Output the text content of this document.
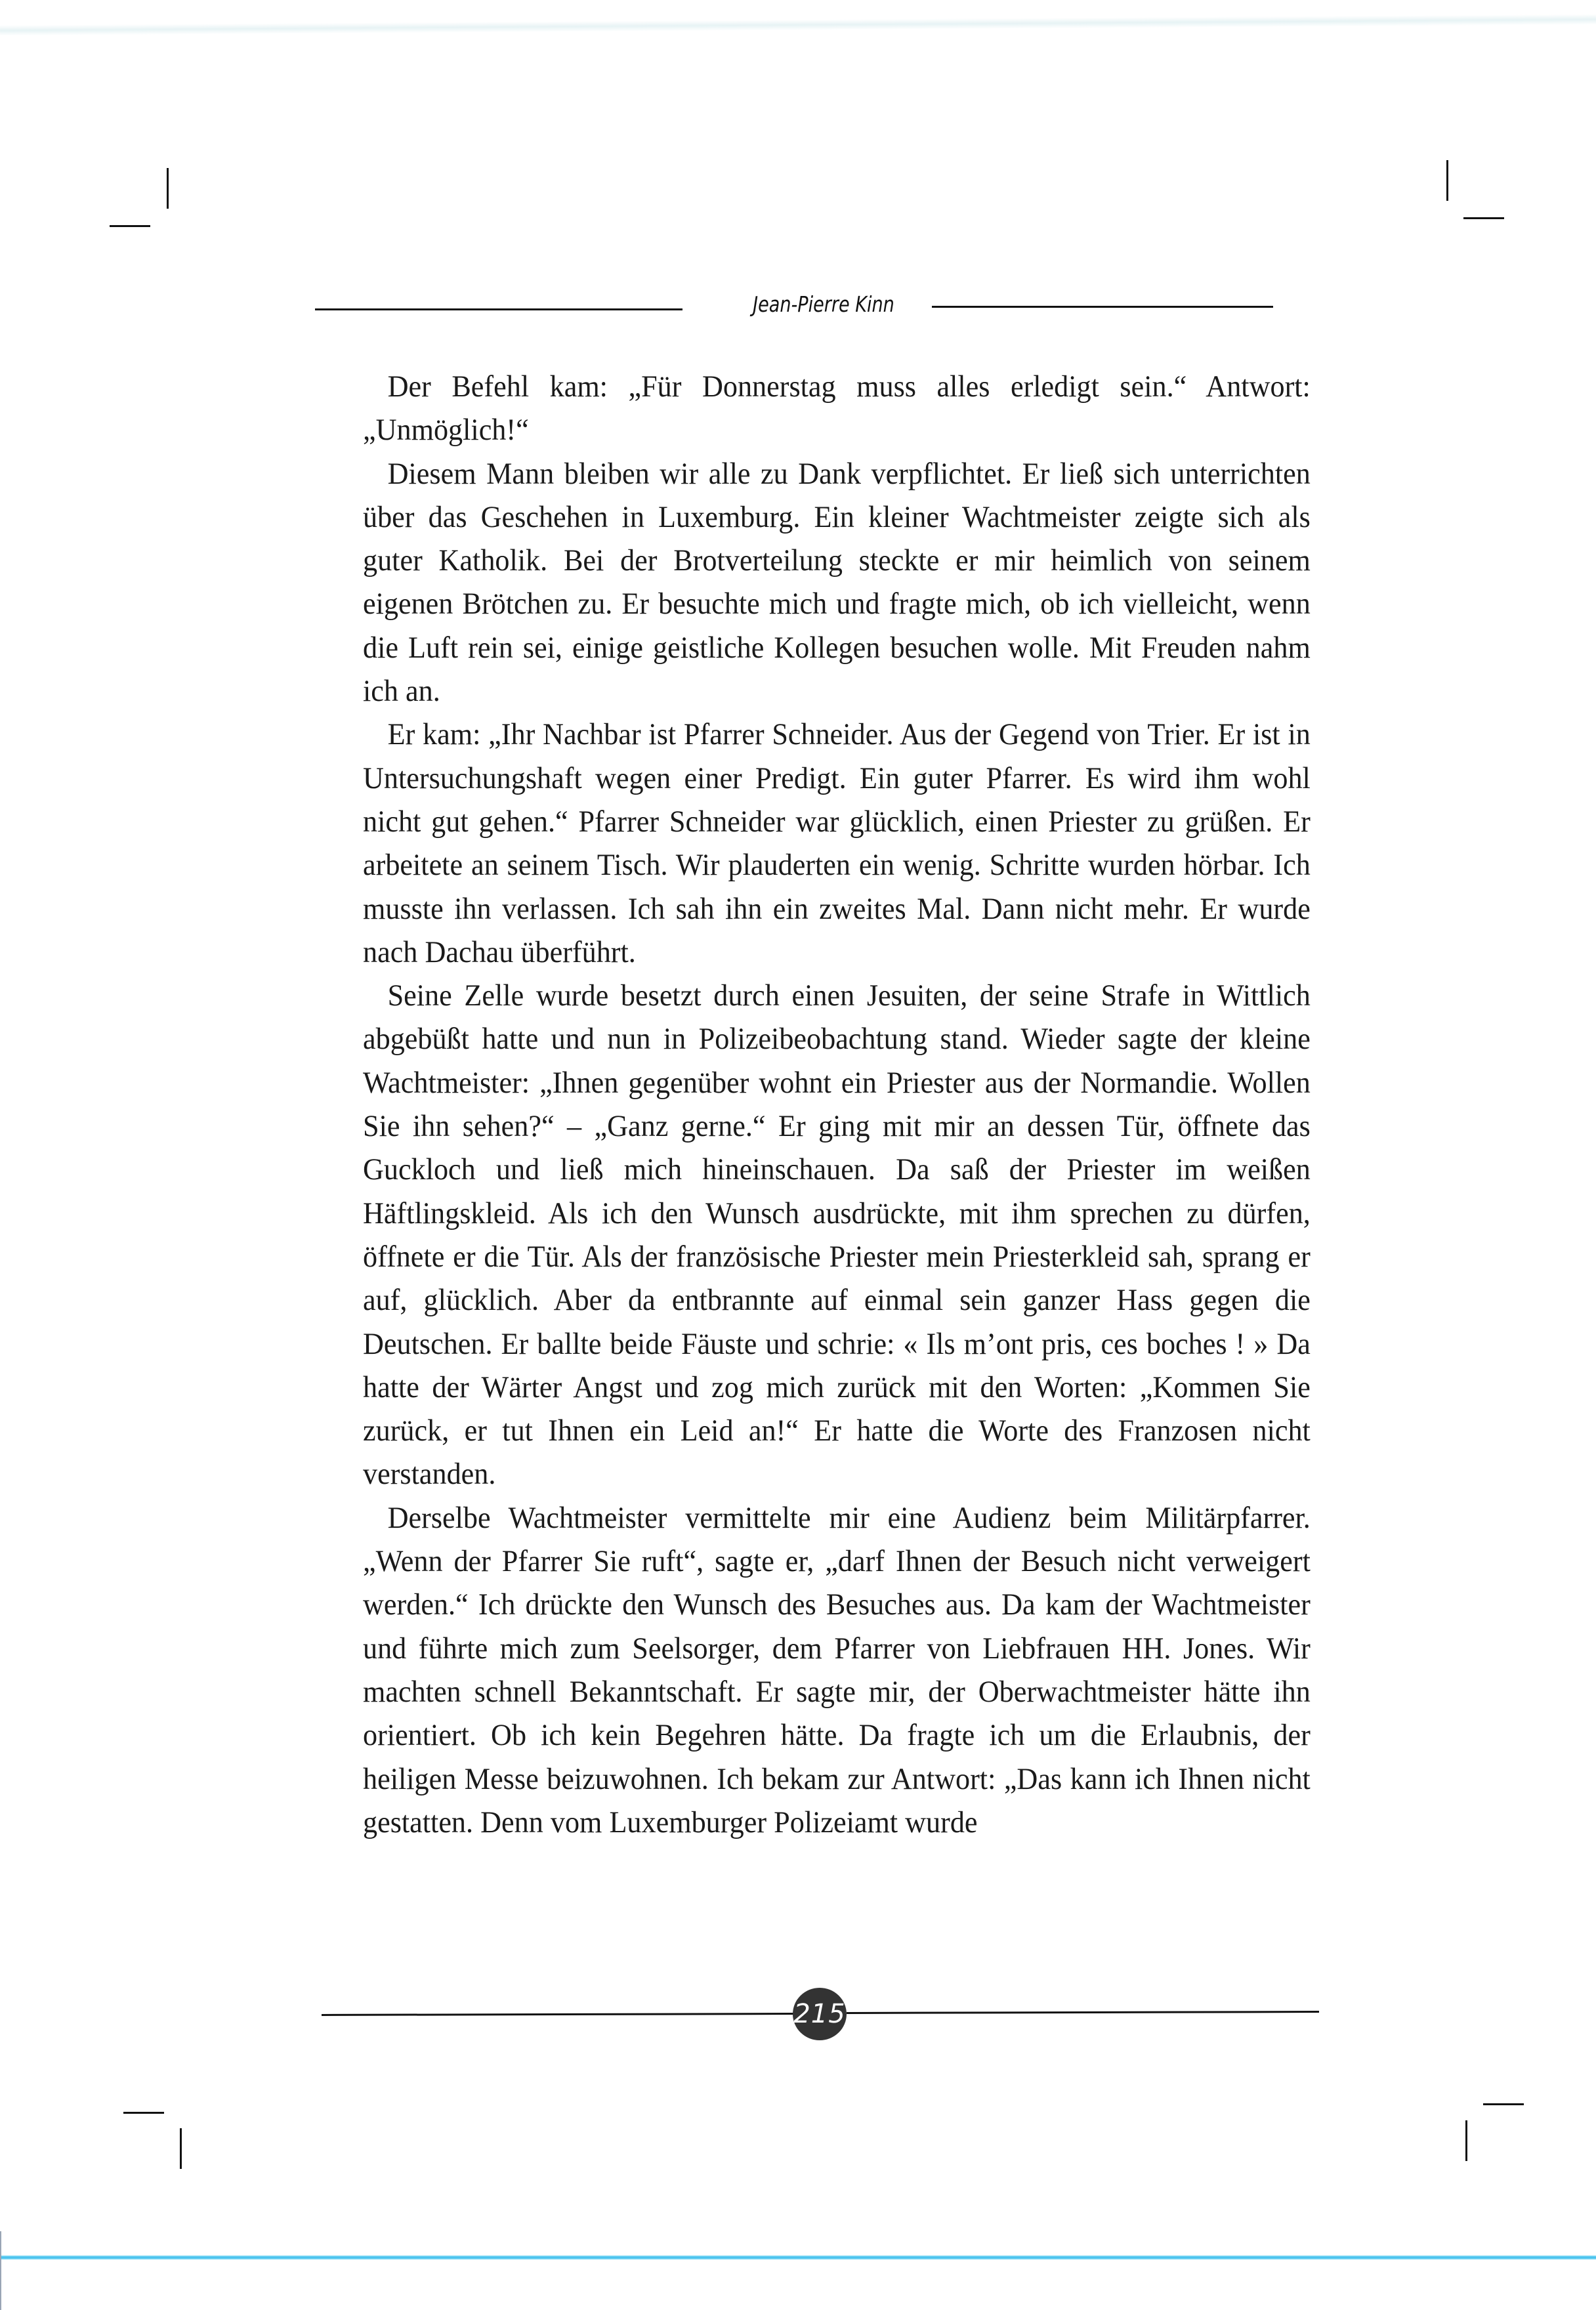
Jean-Pierre Kinn

Der Befehl kam: „Für Donnerstag muss alles erledigt sein.“ Antwort: „Unmöglich!“

Diesem Mann bleiben wir alle zu Dank verpflichtet. Er ließ sich unterrichten über das Geschehen in Luxemburg. Ein kleiner Wachtmeister zeigte sich als guter Katholik. Bei der Brotverteilung steckte er mir heimlich von seinem eigenen Brötchen zu. Er besuchte mich und fragte mich, ob ich vielleicht, wenn die Luft rein sei, einige geistliche Kollegen besuchen wolle. Mit Freuden nahm ich an.

Er kam: „Ihr Nachbar ist Pfarrer Schneider. Aus der Gegend von Trier. Er ist in Untersuchungshaft wegen einer Predigt. Ein guter Pfarrer. Es wird ihm wohl nicht gut gehen.“ Pfarrer Schneider war glücklich, einen Priester zu grüßen. Er arbeitete an seinem Tisch. Wir plauderten ein wenig. Schritte wurden hörbar. Ich musste ihn verlassen. Ich sah ihn ein zweites Mal. Dann nicht mehr. Er wurde nach Dachau überführt.

Seine Zelle wurde besetzt durch einen Jesuiten, der seine Strafe in Wittlich abgebüßt hatte und nun in Polizeibeobachtung stand. Wieder sagte der kleine Wachtmeister: „Ihnen gegenüber wohnt ein Priester aus der Normandie. Wollen Sie ihn sehen?“ – „Ganz gerne.“ Er ging mit mir an dessen Tür, öffnete das Guckloch und ließ mich hineinschauen. Da saß der Priester im weißen Häftlingskleid. Als ich den Wunsch ausdrückte, mit ihm sprechen zu dürfen, öffnete er die Tür. Als der französische Priester mein Priesterkleid sah, sprang er auf, glücklich. Aber da entbrannte auf einmal sein ganzer Hass gegen die Deutschen. Er ballte beide Fäuste und schrie: « Ils m’ont pris, ces boches ! » Da hatte der Wärter Angst und zog mich zurück mit den Worten: „Kommen Sie zurück, er tut Ihnen ein Leid an!“ Er hatte die Worte des Franzosen nicht verstanden.

Derselbe Wachtmeister vermittelte mir eine Audienz beim Militärpfarrer. „Wenn der Pfarrer Sie ruft“, sagte er, „darf Ihnen der Besuch nicht verweigert werden.“ Ich drückte den Wunsch des Besuches aus. Da kam der Wachtmeister und führte mich zum Seelsorger, dem Pfarrer von Liebfrauen HH. Jones. Wir machten schnell Bekanntschaft. Er sagte mir, der Oberwachtmeister hätte ihn orientiert. Ob ich kein Begehren hätte. Da fragte ich um die Erlaubnis, der heiligen Messe beizuwohnen. Ich bekam zur Antwort: „Das kann ich Ihnen nicht gestatten. Denn vom Luxemburger Polizeiamt wurde

215
